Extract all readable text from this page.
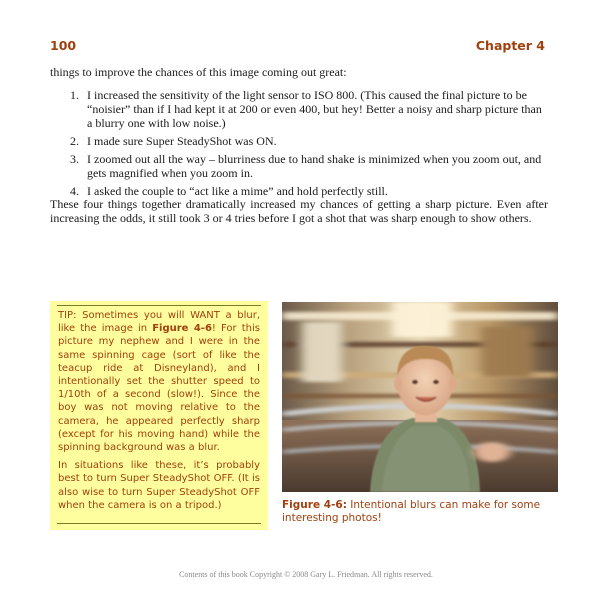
100	Chapter 4
things to improve the chances of this image coming out great:
1. I increased the sensitivity of the light sensor to ISO 800. (This caused the final picture to be “noisier” than if I had kept it at 200 or even 400, but hey! Better a noisy and sharp picture than a blurry one with low noise.)
2. I made sure Super SteadyShot was ON.
3. I zoomed out all the way – blurriness due to hand shake is minimized when you zoom out, and gets magnified when you zoom in.
4. I asked the couple to “act like a mime” and hold perfectly still.
These four things together dramatically increased my chances of getting a sharp picture. Even after increasing the odds, it still took 3 or 4 tries before I got a shot that was sharp enough to show others.

TIP: Sometimes you will WANT a blur, like the image in Figure 4-6! For this picture my nephew and I were in the same spinning cage (sort of like the teacup ride at Disneyland), and I intentionally set the shutter speed to 1/10th of a second (slow!). Since the boy was not moving relative to the camera, he appeared perfectly sharp (except for his moving hand) while the spinning background was a blur.

In situations like these, it’s probably best to turn Super SteadyShot OFF. (It is also wise to turn Super SteadyShot OFF when the camera is on a tripod.)	Figure 4-6: Intentional blurs can make for some interesting photos!
Contents of this book Copyright © 2008 Gary L. Friedman. All rights reserved.
